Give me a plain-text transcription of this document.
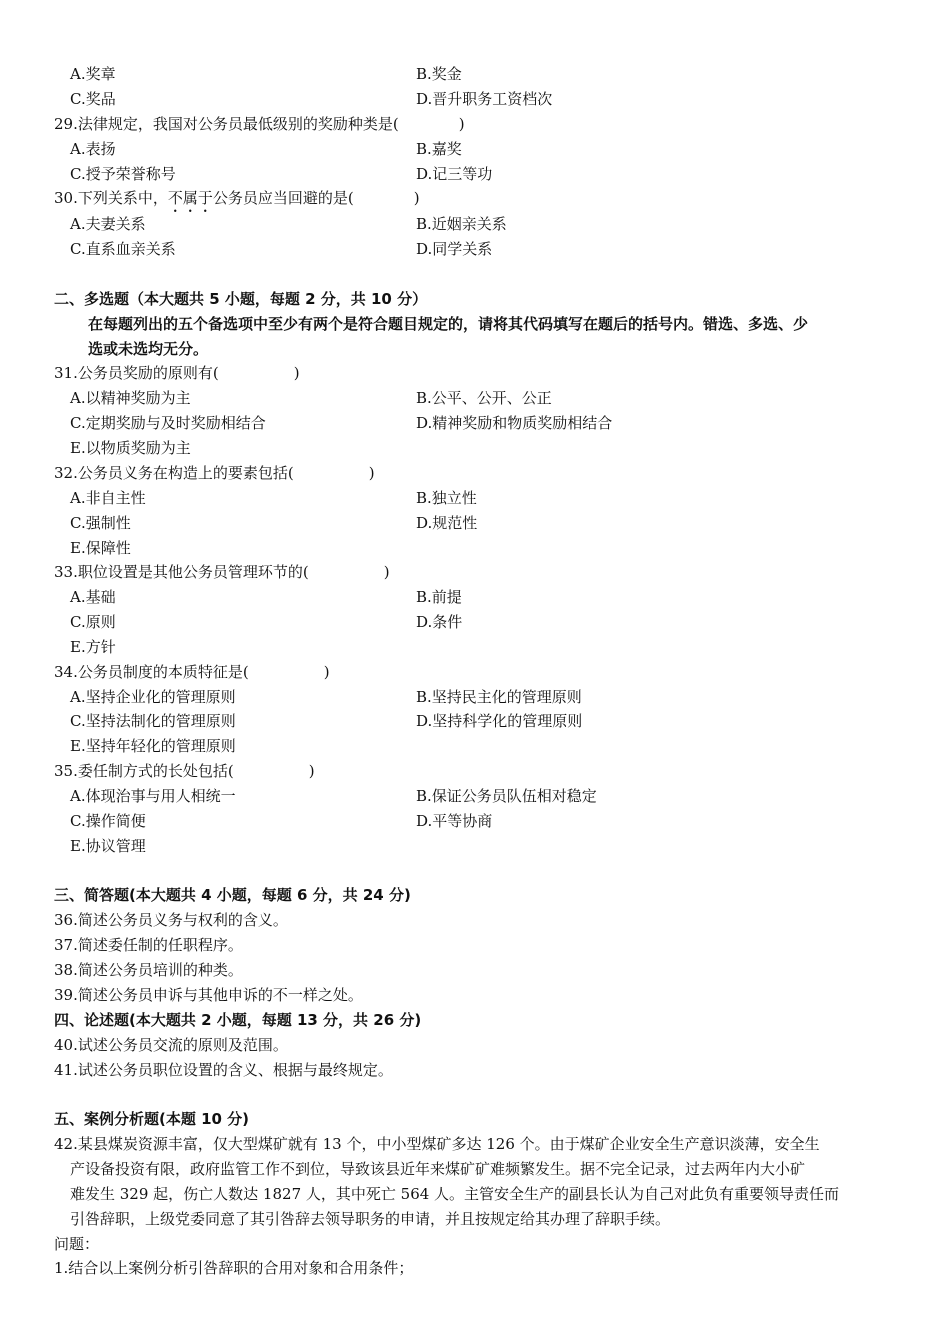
A.奖章	B.奖金
C.奖品	D.晋升职务工资档次
29.法律规定，我国对公务员最低级别的奖励种类是(　　　　)
A.表扬	B.嘉奖
C.授予荣誉称号	D.记三等功
30.下列关系中，不属于公务员应当回避的是(　　　　)
A.夫妻关系	B.近姻亲关系
C.直系血亲关系	D.同学关系
二、多选题（本大题共 5 小题，每题 2 分，共 10 分）
在每题列出的五个备选项中至少有两个是符合题目规定的，请将其代码填写在题后的括号内。错选、多选、少
选或未选均无分。
31.公务员奖励的原则有(　　　　　)
A.以精神奖励为主	B.公平、公开、公正
C.定期奖励与及时奖励相结合	D.精神奖励和物质奖励相结合
E.以物质奖励为主
32.公务员义务在构造上的要素包括(　　　　　)
A.非自主性	B.独立性
C.强制性	D.规范性
E.保障性
33.职位设置是其他公务员管理环节的(　　　　　)
A.基础	B.前提
C.原则	D.条件
E.方针
34.公务员制度的本质特征是(　　　　　)
A.坚持企业化的管理原则	B.坚持民主化的管理原则
C.坚持法制化的管理原则	D.坚持科学化的管理原则
E.坚持年轻化的管理原则
35.委任制方式的长处包括(　　　　　)
A.体现治事与用人相统一	B.保证公务员队伍相对稳定
C.操作简便	D.平等协商
E.协议管理
三、简答题(本大题共 4 小题，每题 6 分，共 24 分)
36.简述公务员义务与权利的含义。
37.简述委任制的任职程序。
38.简述公务员培训的种类。
39.简述公务员申诉与其他申诉的不一样之处。
四、论述题(本大题共 2 小题，每题 13 分，共 26 分)
40.试述公务员交流的原则及范围。
41.试述公务员职位设置的含义、根据与最终规定。
五、案例分析题(本题 10 分)
42.某县煤炭资源丰富，仅大型煤矿就有 13 个，中小型煤矿多达 126 个。由于煤矿企业安全生产意识淡薄，安全生
产设备投资有限，政府监管工作不到位，导致该县近年来煤矿矿难频繁发生。据不完全记录，过去两年内大小矿
难发生 329 起，伤亡人数达 1827 人，其中死亡 564 人。主管安全生产的副县长认为自己对此负有重要领导责任而
引咎辞职，上级党委同意了其引咎辞去领导职务的申请，并且按规定给其办理了辞职手续。
问题：
1.结合以上案例分析引咎辞职的合用对象和合用条件；
